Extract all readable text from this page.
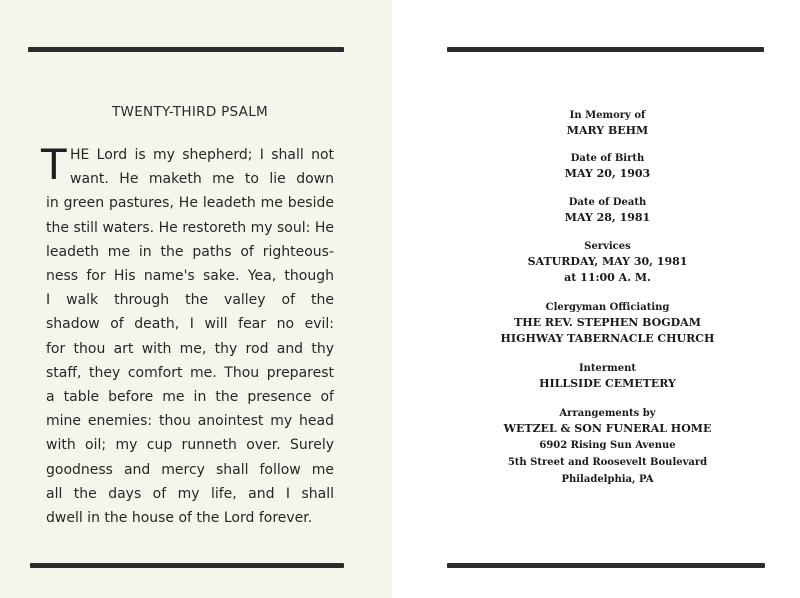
TWENTY-THIRD PSALM
T HE Lord is my shepherd; I shall not
want. He maketh me to lie down
in green pastures, He leadeth me beside
the still waters. He restoreth my soul: He
leadeth me in the paths of righteous-
ness for His name's sake. Yea, though
I walk through the valley of the
shadow of death, I will fear no evil:
for thou art with me, thy rod and thy
staff, they comfort me. Thou preparest
a table before me in the presence of
mine enemies: thou anointest my head
with oil; my cup runneth over. Surely
goodness and mercy shall follow me
all the days of my life, and I shall
dwell in the house of the Lord forever.
In Memory of
MARY BEHM
Date of Birth
MAY 20, 1903
Date of Death
MAY 28, 1981
Services
SATURDAY, MAY 30, 1981
at 11:00 A. M.
Clergyman Officiating
THE REV. STEPHEN BOGDAM
HIGHWAY TABERNACLE CHURCH
Interment
HILLSIDE CEMETERY
Arrangements by
WETZEL & SON FUNERAL HOME
6902 Rising Sun Avenue
5th Street and Roosevelt Boulevard
Philadelphia, PA
